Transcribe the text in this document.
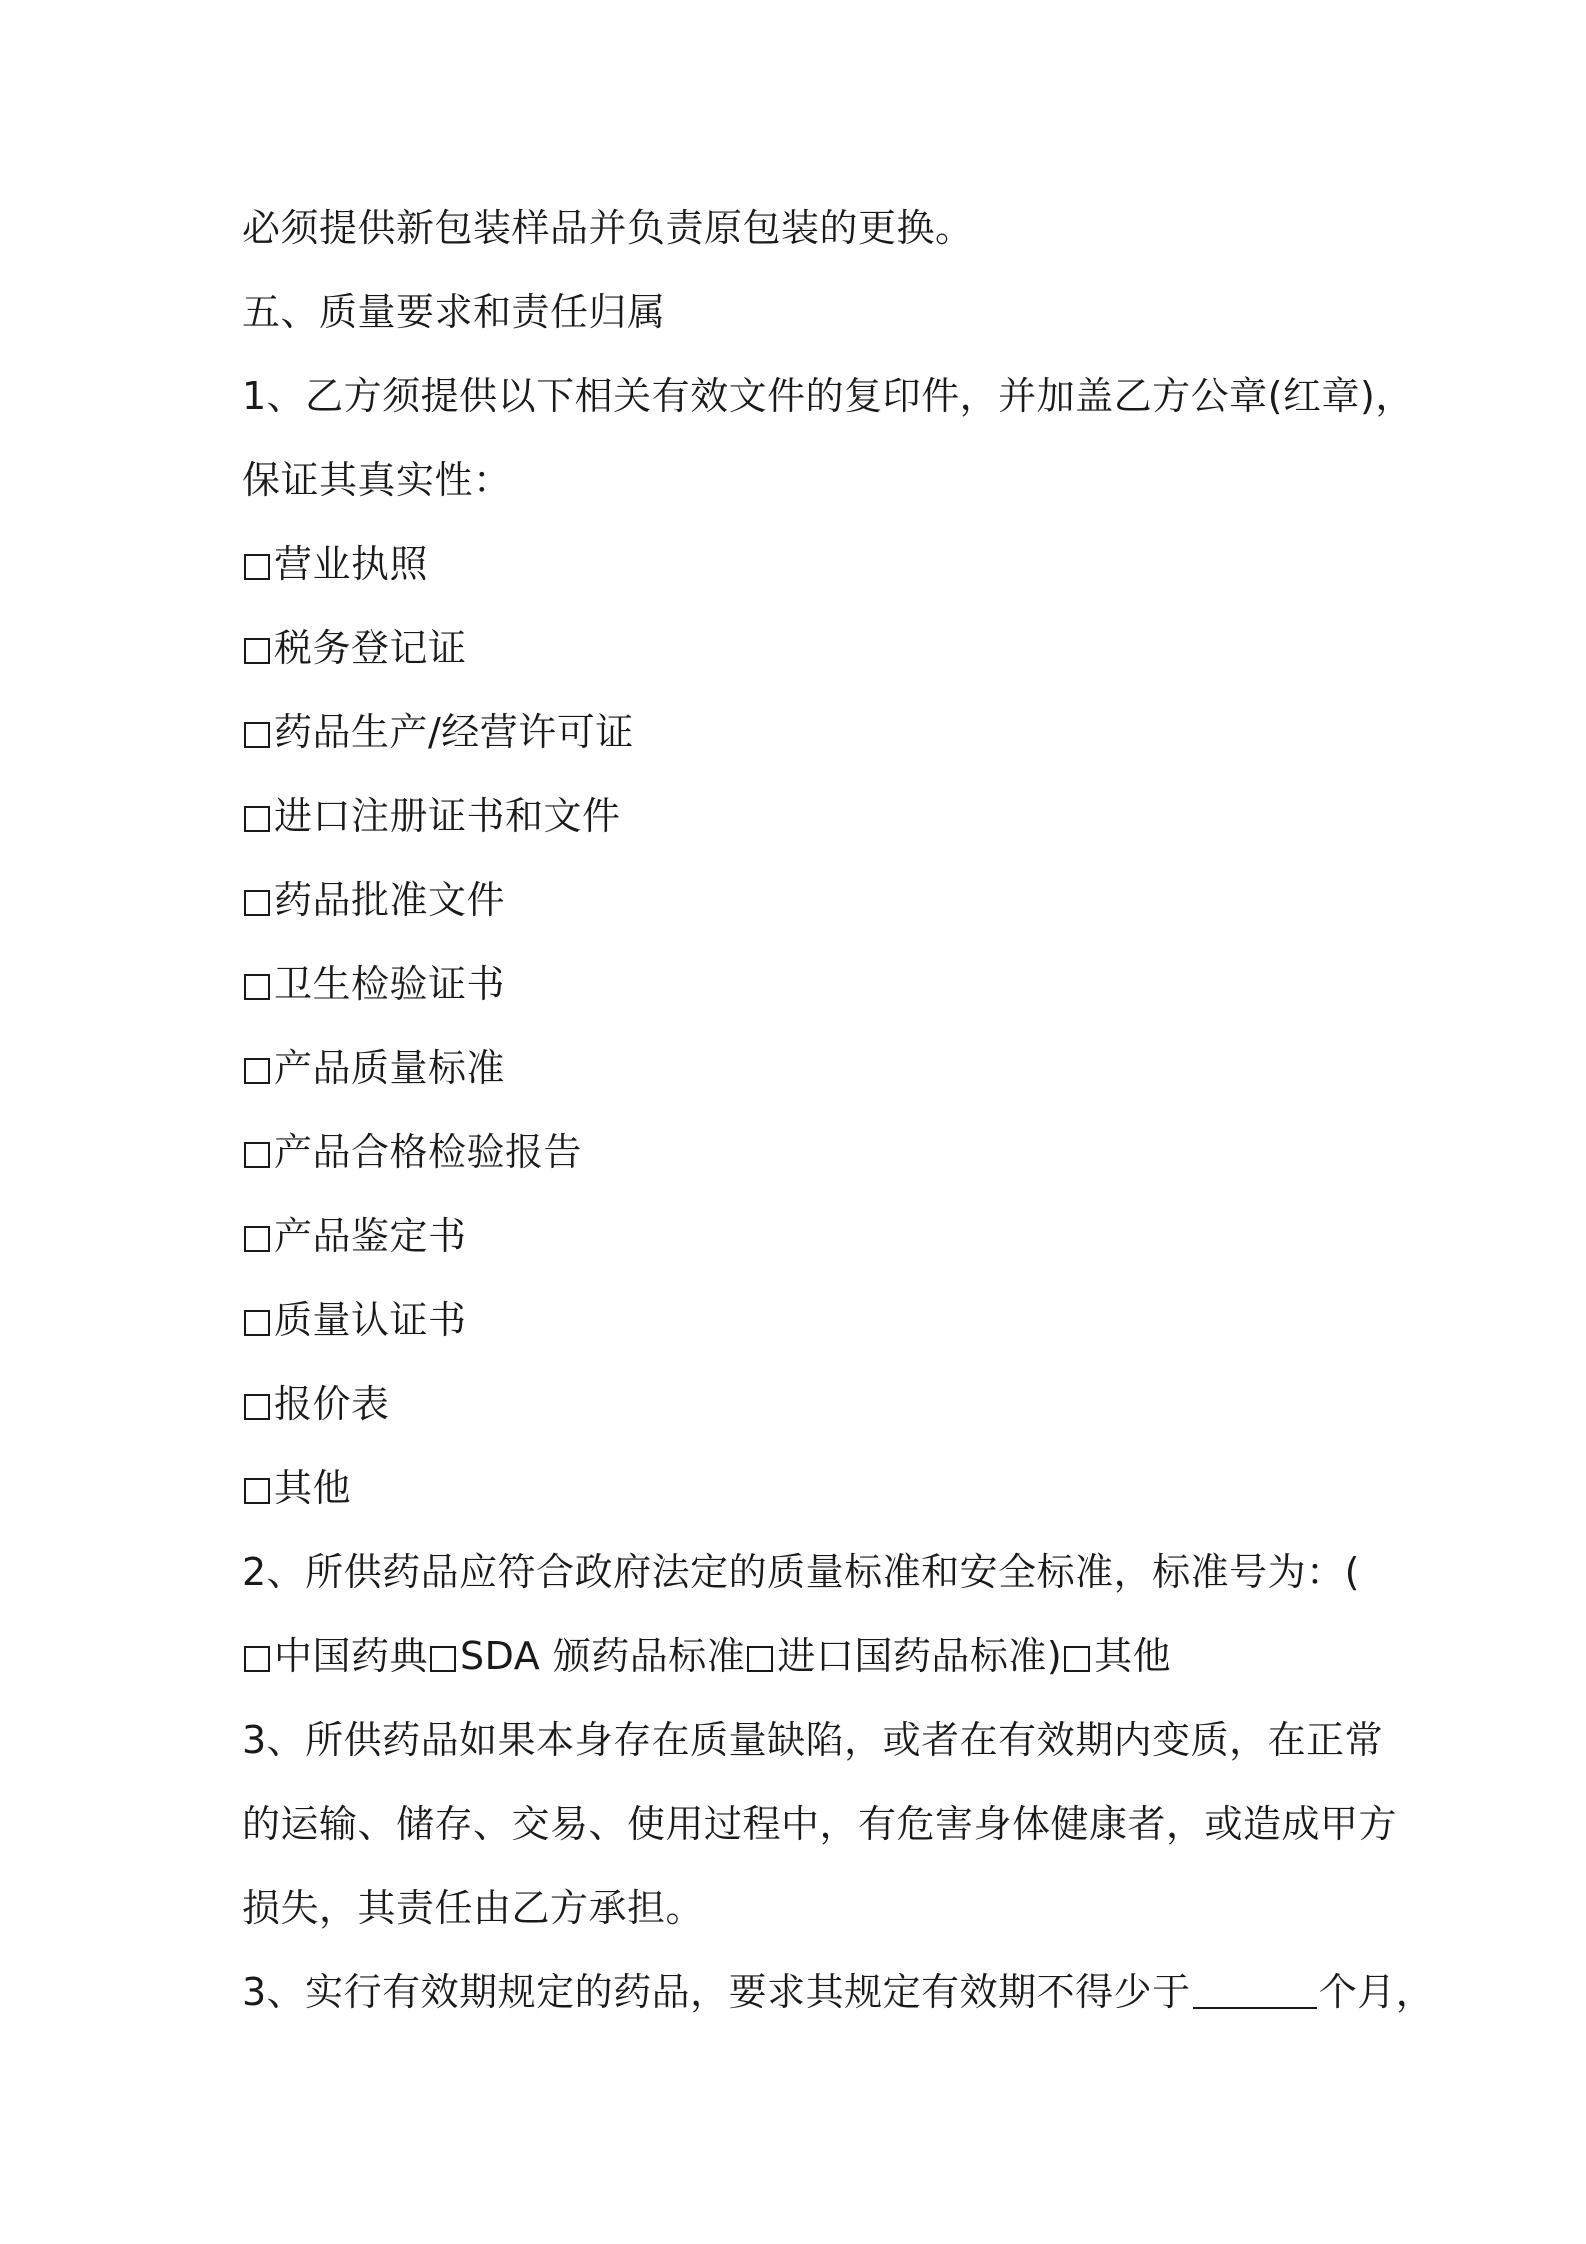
必须提供新包装样品并负责原包装的更换。
五、质量要求和责任归属
1、乙方须提供以下相关有效文件的复印件，并加盖乙方公章(红章)，
保证其真实性：
营业执照
税务登记证
药品生产/经营许可证
进口注册证书和文件
药品批准文件
卫生检验证书
产品质量标准
产品合格检验报告
产品鉴定书
质量认证书
报价表
其他
2、所供药品应符合政府法定的质量标准和安全标准，标准号为：(
中国药典 SDA 颁药品标准 进口国药品标准) 其他
3、所供药品如果本身存在质量缺陷，或者在有效期内变质，在正常
的运输、储存、交易、使用过程中，有危害身体健康者，或造成甲方
损失，其责任由乙方承担。
3、实行有效期规定的药品，要求其规定有效期不得少于	个月，
